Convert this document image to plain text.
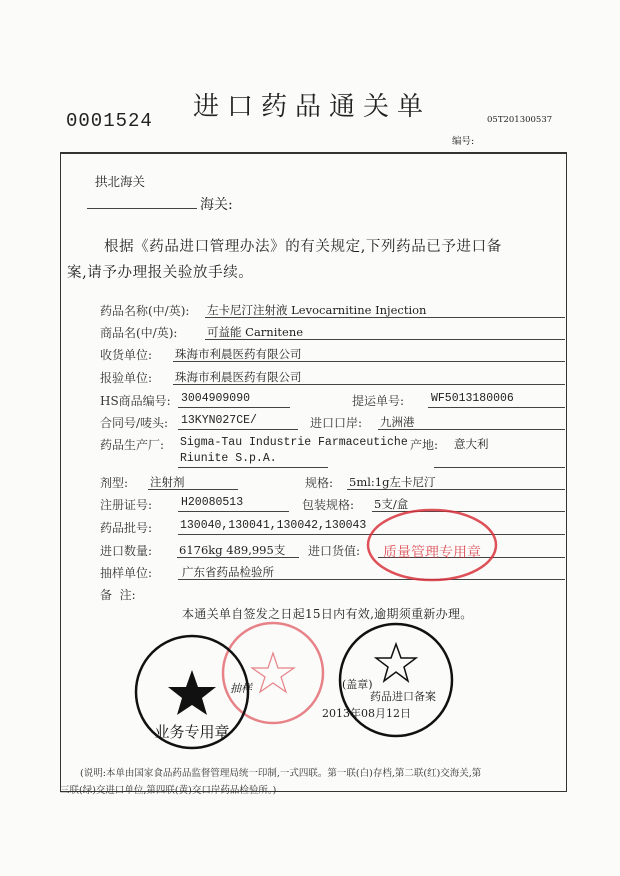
0001524 进口药品通关单	05T201300537
编号:
拱北海关
海关:
根据《药品进口管理办法》的有关规定,下列药品已予进口备
案,请予办理报关验放手续。
药品名称(中/英): 左卡尼汀注射液 Levocarnitine Injection
商品名(中/英):	可益能 Carnitene
收货单位: 珠海市利晨医药有限公司
报验单位: 珠海市利晨医药有限公司
HS商品编号: 3004909090	提运单号: WF5013180006
合同号/唛头: 13KYN027CE/	进口口岸: 九洲港
药品生产厂: Sigma-Tau Industrie Farmaceutiche
Riunite S.p.A.
产地: 意大利
剂型: 注射剂	规格: 5ml:1g左卡尼汀
注册证号:	H20080513	包装规格: 5支/盒
药品批号: 130040,130041,130042,130043
进口数量: 6176kg 489,995支 进口货值:
抽样单位:	广东省药品检验所
备  注:
本通关单自签发之日起15日内有效,逾期须重新办理。
质量管理专用章
(盖章)
药品进口备案
2013年08月12日
抽样
业务专用章
(说明:本单由国家食品药品监督管理局统一印制,一式四联。第一联(白)存档,第二联(红)交海关,第
三联(绿)交进口单位,第四联(黄)交口岸药品检验所。)
